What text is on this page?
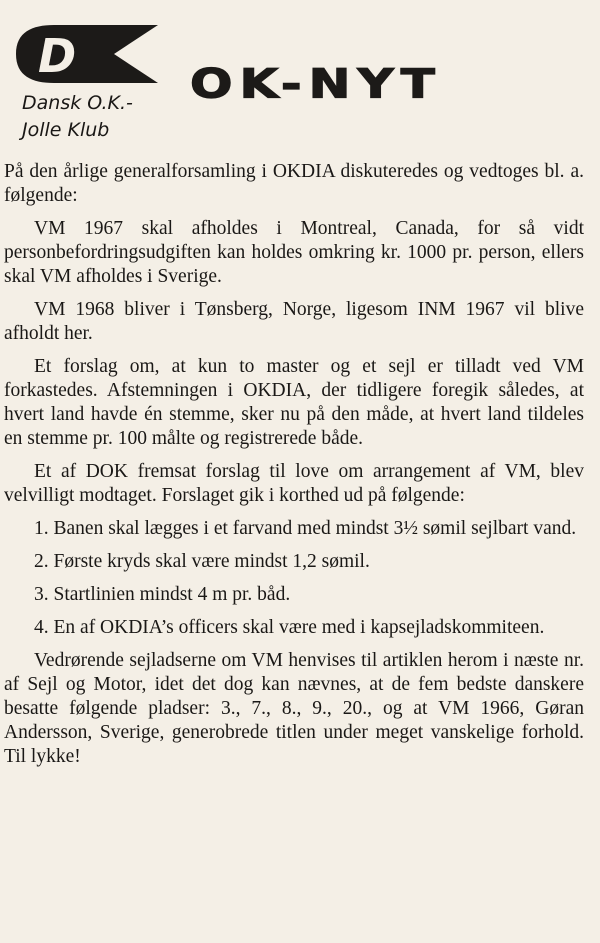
D
Dansk O.K.-
Jolle Klub
OK-NYT

På den årlige generalforsamling i OKDIA diskuteredes og vedtoges bl. a. følgende:

VM 1967 skal afholdes i Montreal, Canada, for så vidt personbefordringsudgiften kan holdes omkring kr. 1000 pr. person, ellers skal VM afholdes i Sverige.

VM 1968 bliver i Tønsberg, Norge, ligesom INM 1967 vil blive afholdt her.

Et forslag om, at kun to master og et sejl er tilladt ved VM forkastedes. Afstemningen i OKDIA, der tidligere foregik således, at hvert land havde én stemme, sker nu på den måde, at hvert land tildeles en stemme pr. 100 målte og registrerede både.

Et af DOK fremsat forslag til love om arrangement af VM, blev velvilligt modtaget. Forslaget gik i korthed ud på følgende:

1. Banen skal lægges i et farvand med mindst 3½ sømil sejlbart vand.

2. Første kryds skal være mindst 1,2 sømil.

3. Startlinien mindst 4 m pr. båd.

4. En af OKDIA’s officers skal være med i kapsejladskommiteen.

Vedrørende sejladserne om VM henvises til artiklen herom i næste nr. af Sejl og Motor, idet det dog kan nævnes, at de fem bedste danskere besatte følgende pladser: 3., 7., 8., 9., 20., og at VM 1966, Gøran Andersson, Sverige, generobrede titlen under meget vanskelige forhold. Til lykke!
